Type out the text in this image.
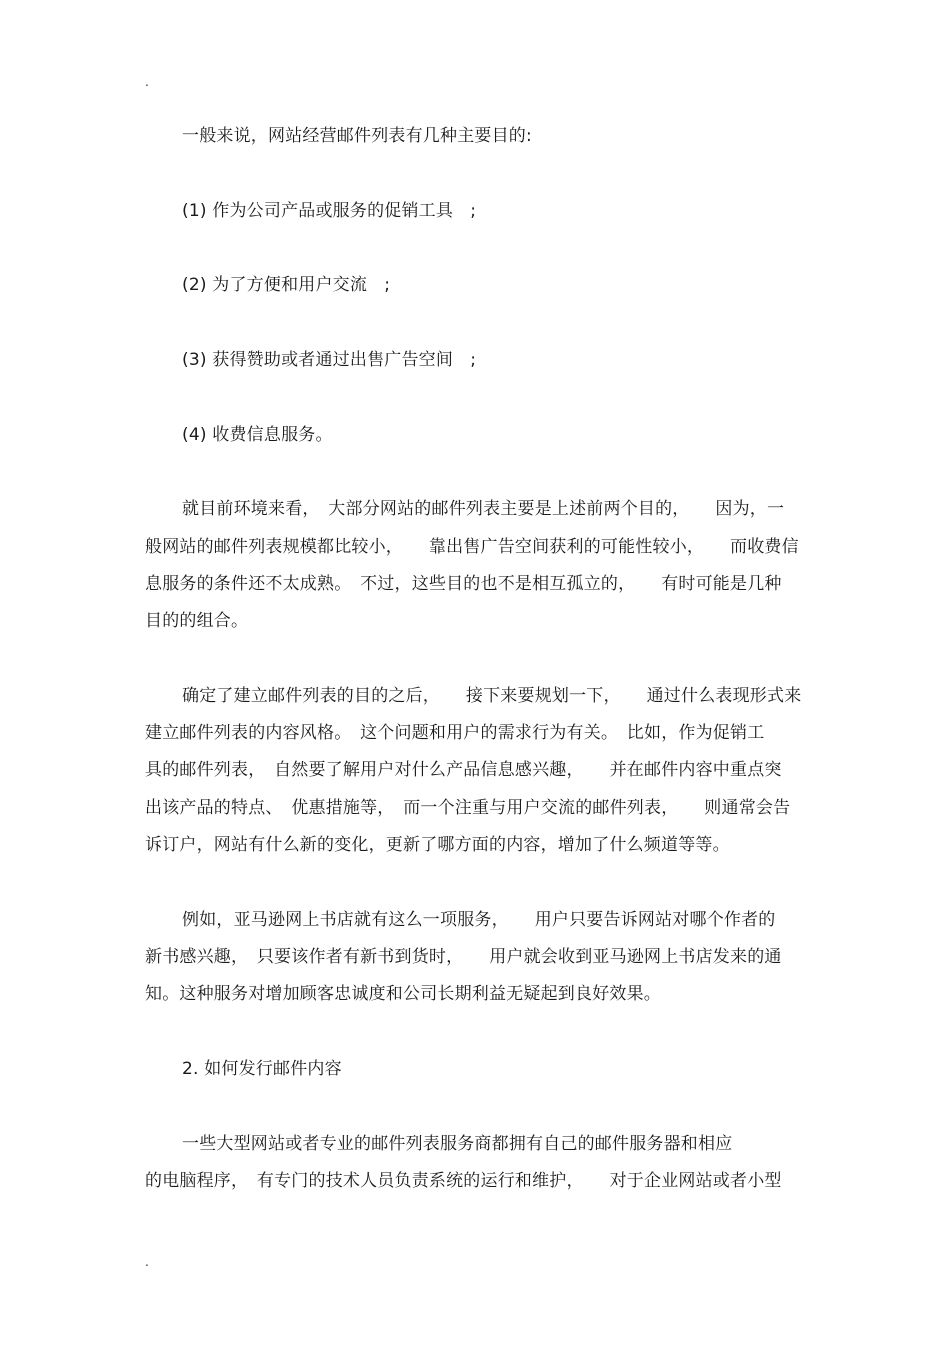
.
一般来说，网站经营邮件列表有几种主要目的:
(1) 作为公司产品或服务的促销工具　;
(2) 为了方便和用户交流　;
(3) 获得赞助或者通过出售广告空间　;
(4) 收费信息服务。
就目前环境来看，　大部分网站的邮件列表主要是上述前两个目的，　　因为，一
般网站的邮件列表规模都比较小，　　靠出售广告空间获利的可能性较小，　　而收费信
息服务的条件还不太成熟。　不过，这些目的也不是相互孤立的，　　有时可能是几种
目的的组合。
确定了建立邮件列表的目的之后，　　接下来要规划一下，　　通过什么表现形式来
建立邮件列表的内容风格。　这个问题和用户的需求行为有关。　比如，作为促销工
具的邮件列表，　自然要了解用户对什么产品信息感兴趣，　　并在邮件内容中重点突
出该产品的特点、　优惠措施等，　而一个注重与用户交流的邮件列表，　　则通常会告
诉订户，网站有什么新的变化，更新了哪方面的内容，增加了什么频道等等。
例如，亚马逊网上书店就有这么一项服务，　　用户只要告诉网站对哪个作者的
新书感兴趣，　只要该作者有新书到货时，　　用户就会收到亚马逊网上书店发来的通
知。这种服务对增加顾客忠诚度和公司长期利益无疑起到良好效果。
2. 如何发行邮件内容
一些大型网站或者专业的邮件列表服务商都拥有自己的邮件服务器和相应
的电脑程序，　有专门的技术人员负责系统的运行和维护，　　对于企业网站或者小型
.
